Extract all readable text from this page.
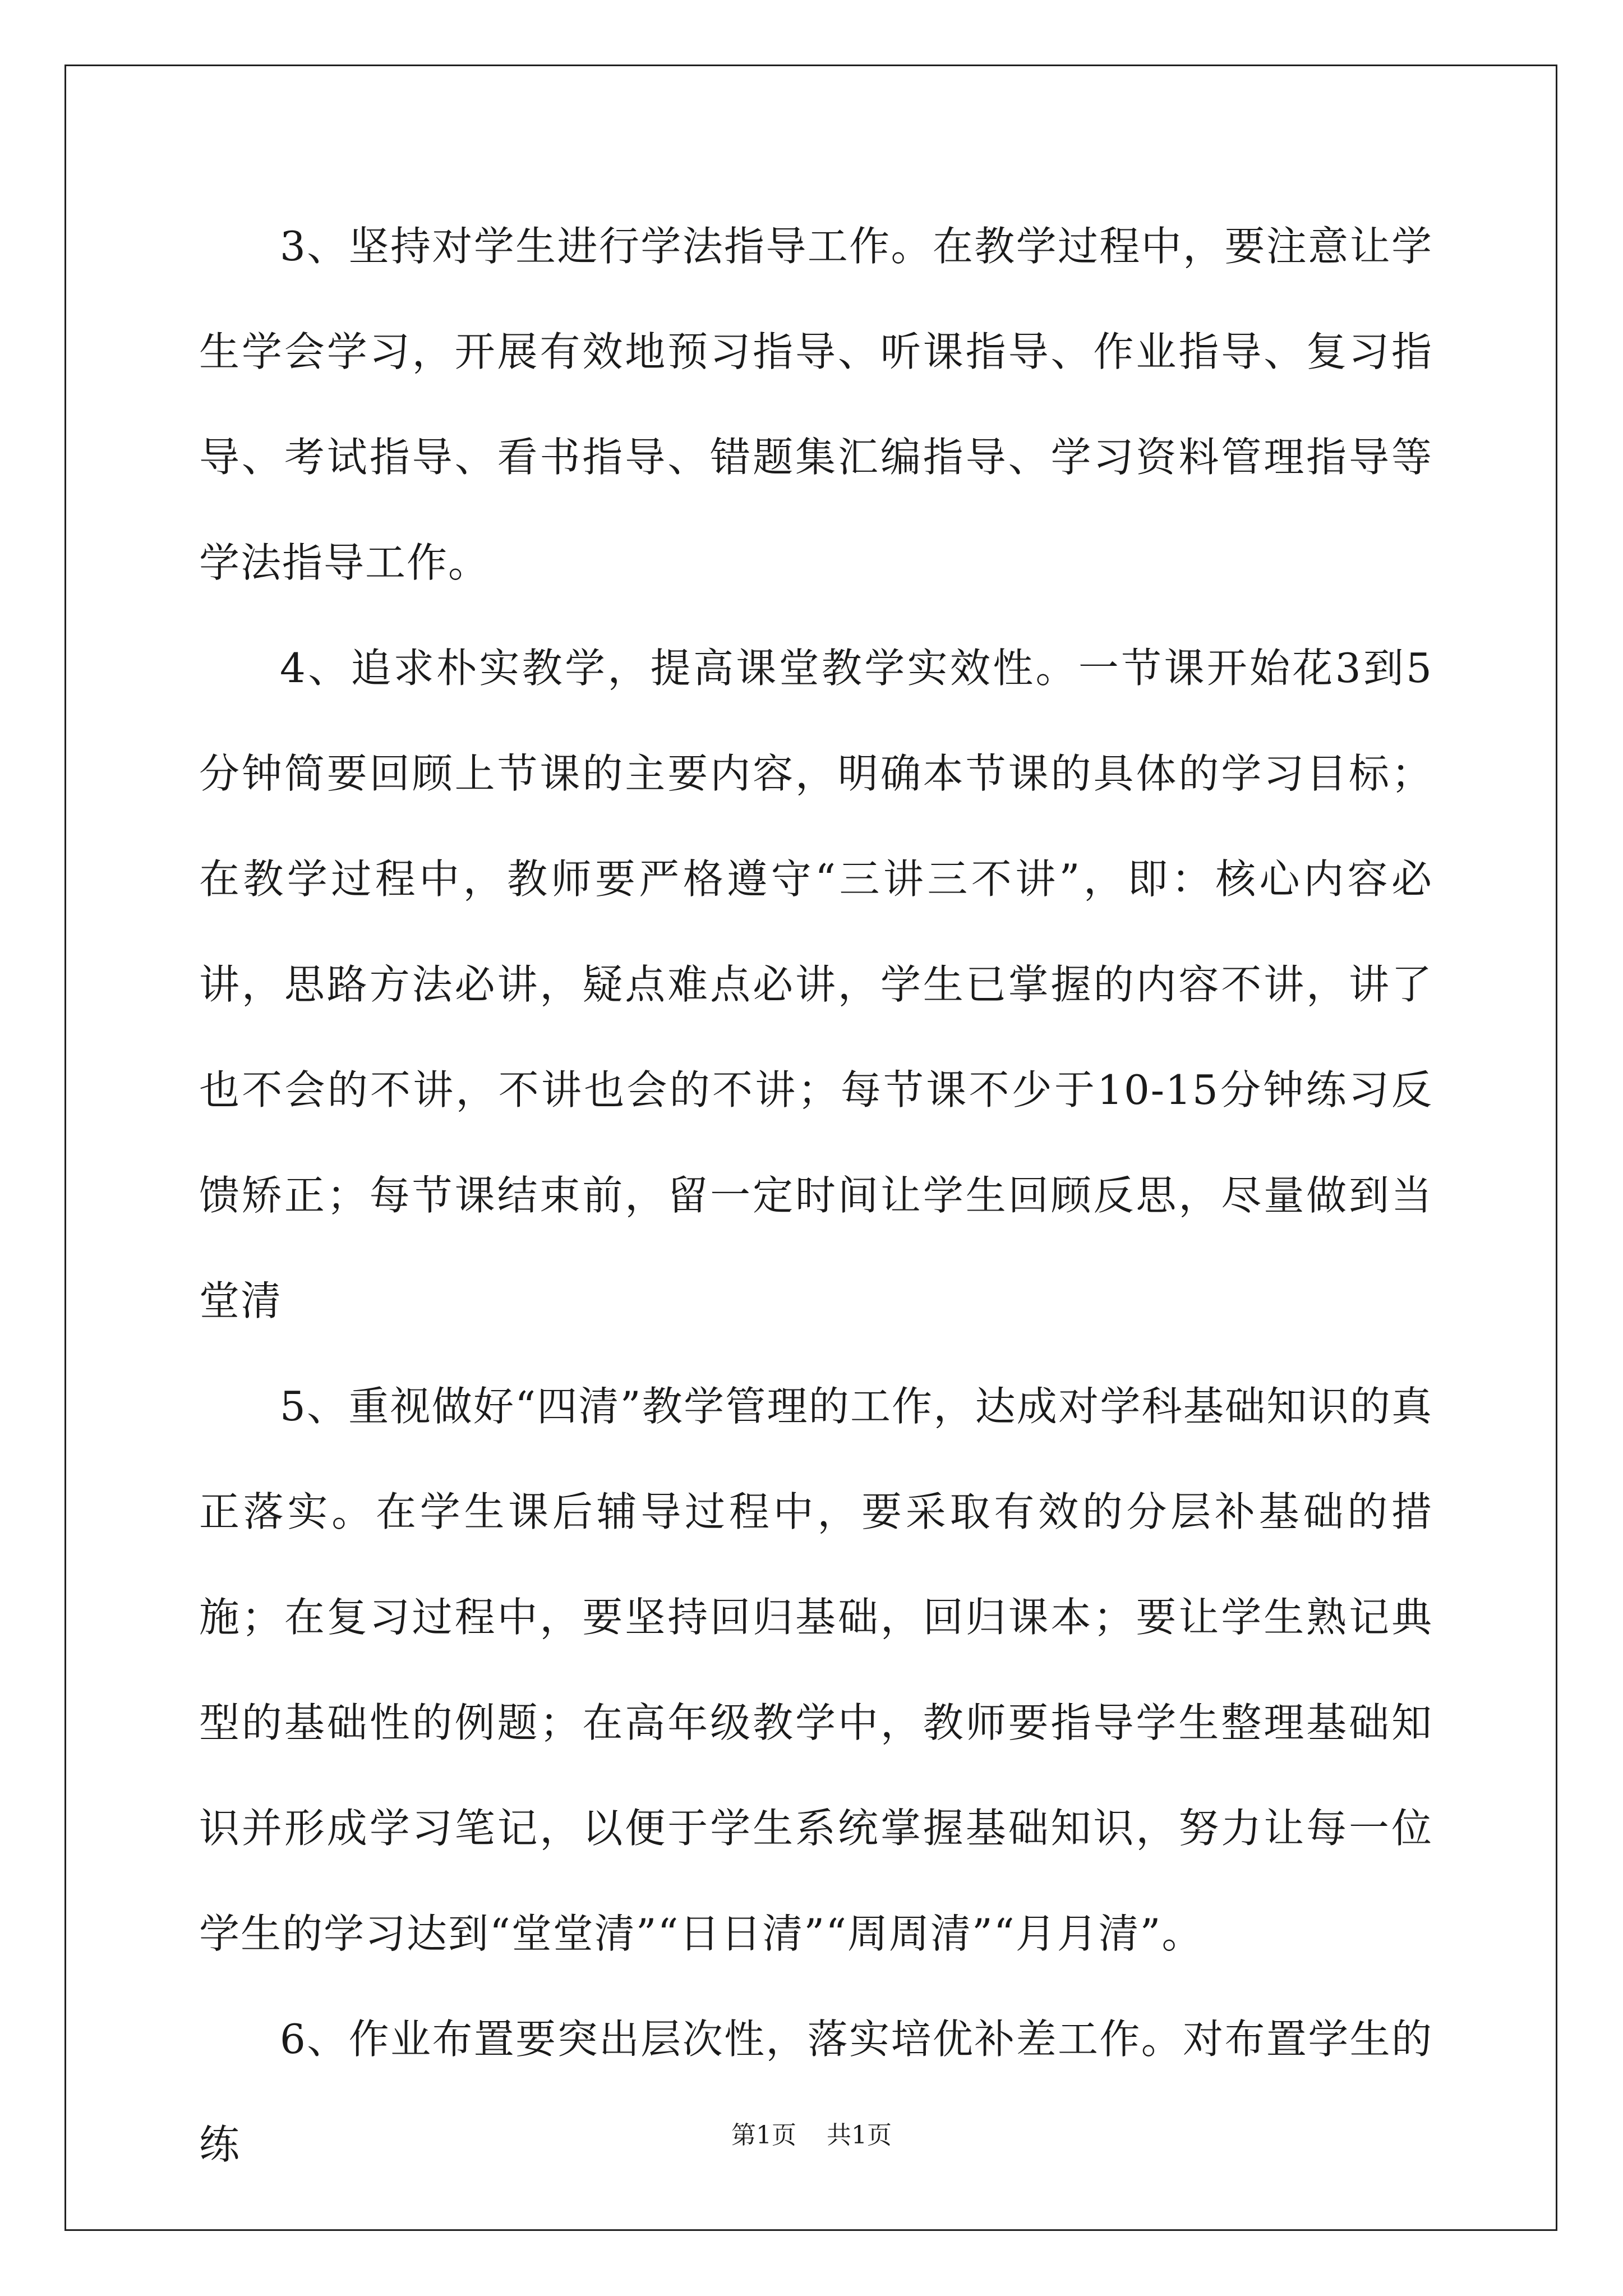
3、坚持对学生进行学法指导工作。在教学过程中，要注意让学生学会学习，开展有效地预习指导、听课指导、作业指导、复习指导、考试指导、看书指导、错题集汇编指导、学习资料管理指导等学法指导工作。

4、追求朴实教学，提高课堂教学实效性。一节课开始花3到5分钟简要回顾上节课的主要内容，明确本节课的具体的学习目标；在教学过程中，教师要严格遵守“三讲三不讲”，即：核心内容必讲，思路方法必讲，疑点难点必讲，学生已掌握的内容不讲，讲了也不会的不讲，不讲也会的不讲；每节课不少于10-15分钟练习反馈矫正；每节课结束前，留一定时间让学生回顾反思，尽量做到当堂清

5、重视做好“四清”教学管理的工作，达成对学科基础知识的真正落实。在学生课后辅导过程中，要采取有效的分层补基础的措施；在复习过程中，要坚持回归基础，回归课本；要让学生熟记典型的基础性的例题；在高年级教学中，教师要指导学生整理基础知识并形成学习笔记，以便于学生系统掌握基础知识，努力让每一位学生的学习达到“堂堂清”“日日清”“周周清”“月月清”。

6、作业布置要突出层次性，落实培优补差工作。对布置学生的练	第1页 共1页
